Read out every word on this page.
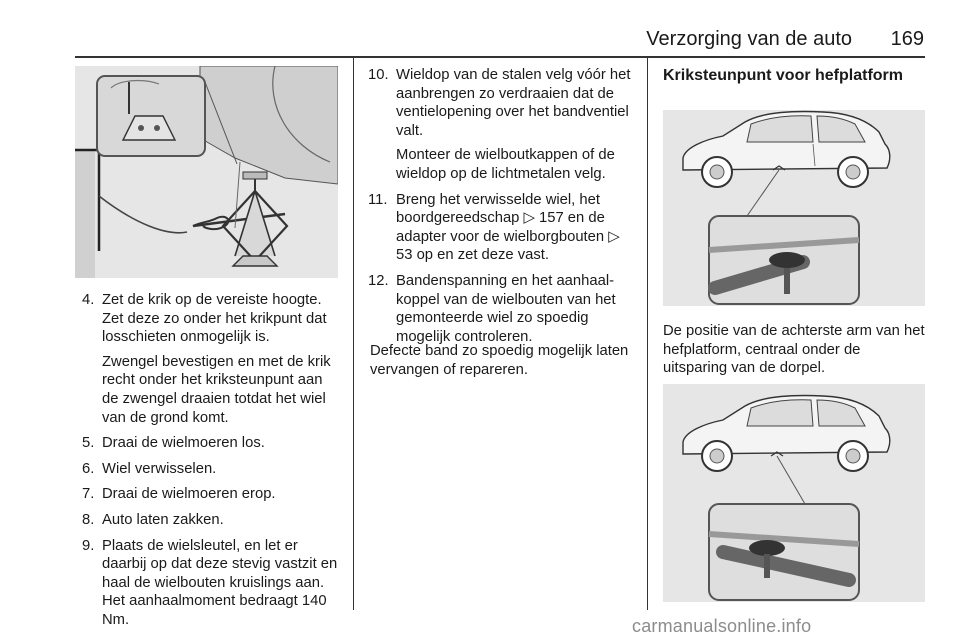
Verzorging van de auto	169
4. Zet de krik op de vereiste hoogte. Zet deze zo onder het krikpunt dat losschieten onmogelijk is.
Zwengel bevestigen en met de krik recht onder het kriksteunpunt aan de zwengel draaien totdat het wiel van de grond komt.
5. Draai de wielmoeren los.
6. Wiel verwisselen.
7. Draai de wielmoeren erop.
8. Auto laten zakken.
9. Plaats de wielsleutel, en let er daarbij op dat deze stevig vastzit en haal de wielbouten kruislings aan. Het aanhaalmoment bedraagt 140 Nm.
10. Wieldop van de stalen velg vóór het aanbrengen zo verdraaien dat de ventielopening over het bandventiel valt.
Monteer de wielboutkappen of de wieldop op de lichtmetalen velg.
11. Breng het verwisselde wiel, het boordgereedschap ▷ 157 en de adapter voor de wielborgbouten ▷ 53 op en zet deze vast.
12. Bandenspanning en het aanhaalkoppel van de wielbouten van het gemonteerde wiel zo spoedig mogelijk controleren.
Defecte band zo spoedig mogelijk laten vervangen of repareren.
Kriksteunpunt voor hefplatform
De positie van de achterste arm van het hefplatform, centraal onder de uitsparing van de dorpel.
carmanualsonline.info
